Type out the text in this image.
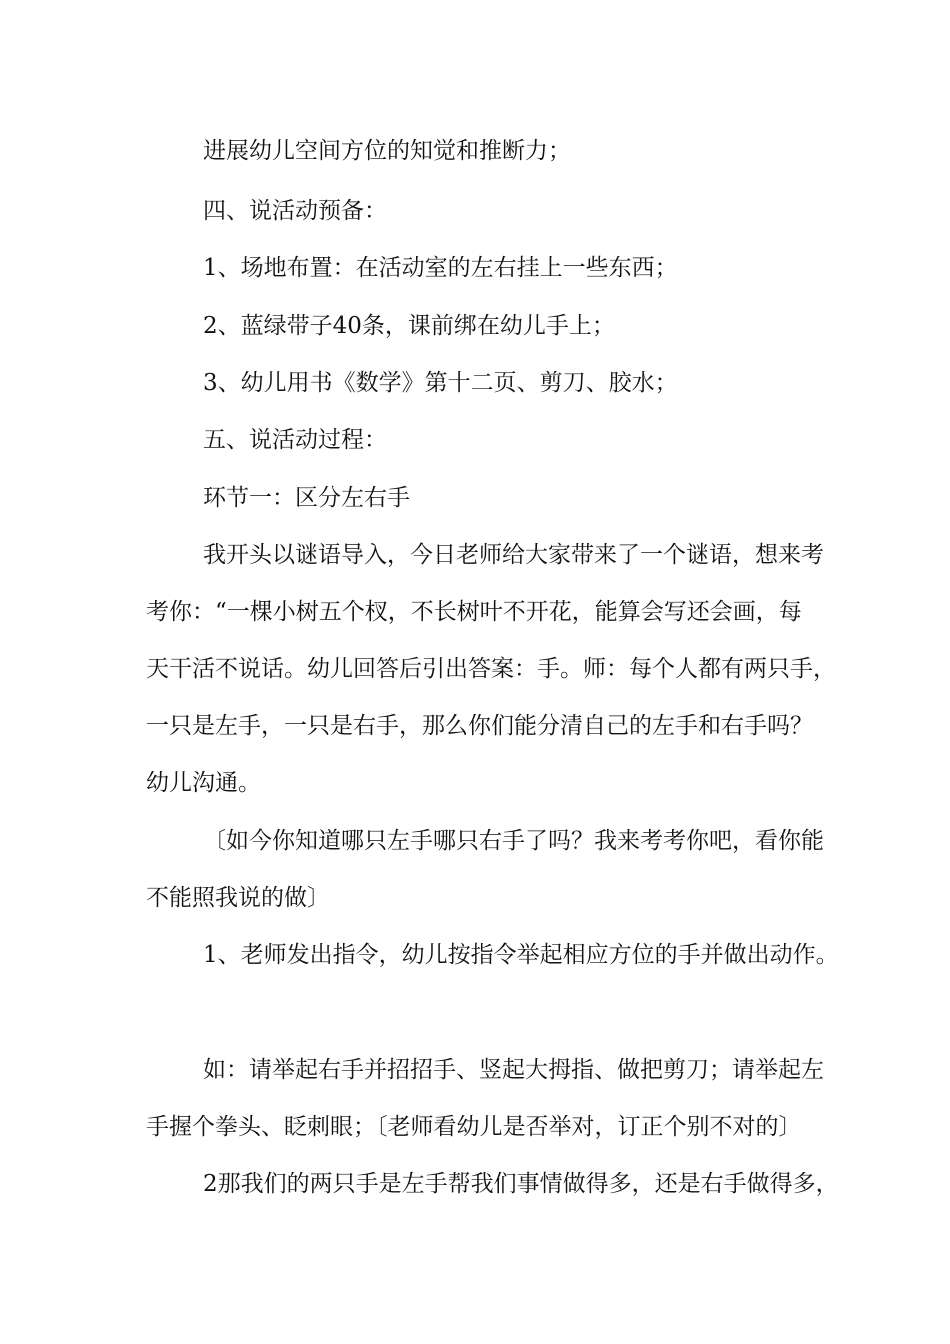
进展幼儿空间方位的知觉和推断力；
四、说活动预备：
1、场地布置：在活动室的左右挂上一些东西；
2、蓝绿带子40条，课前绑在幼儿手上；
3、幼儿用书《数学》第十二页、剪刀、胶水；
五、说活动过程：
环节一：区分左右手
我开头以谜语导入，今日老师给大家带来了一个谜语，想来考
考你：“一棵小树五个杈，不长树叶不开花，能算会写还会画，每
天干活不说话。幼儿回答后引出答案：手。师：每个人都有两只手，
一只是左手，一只是右手，那么你们能分清自己的左手和右手吗？
幼儿沟通。
〔如今你知道哪只左手哪只右手了吗？我来考考你吧，看你能
不能照我说的做〕
1、老师发出指令，幼儿按指令举起相应方位的手并做出动作。
如：请举起右手并招招手、竖起大拇指、做把剪刀；请举起左
手握个拳头、眨刺眼；〔老师看幼儿是否举对，订正个别不对的〕
2那我们的两只手是左手帮我们事情做得多，还是右手做得多，
